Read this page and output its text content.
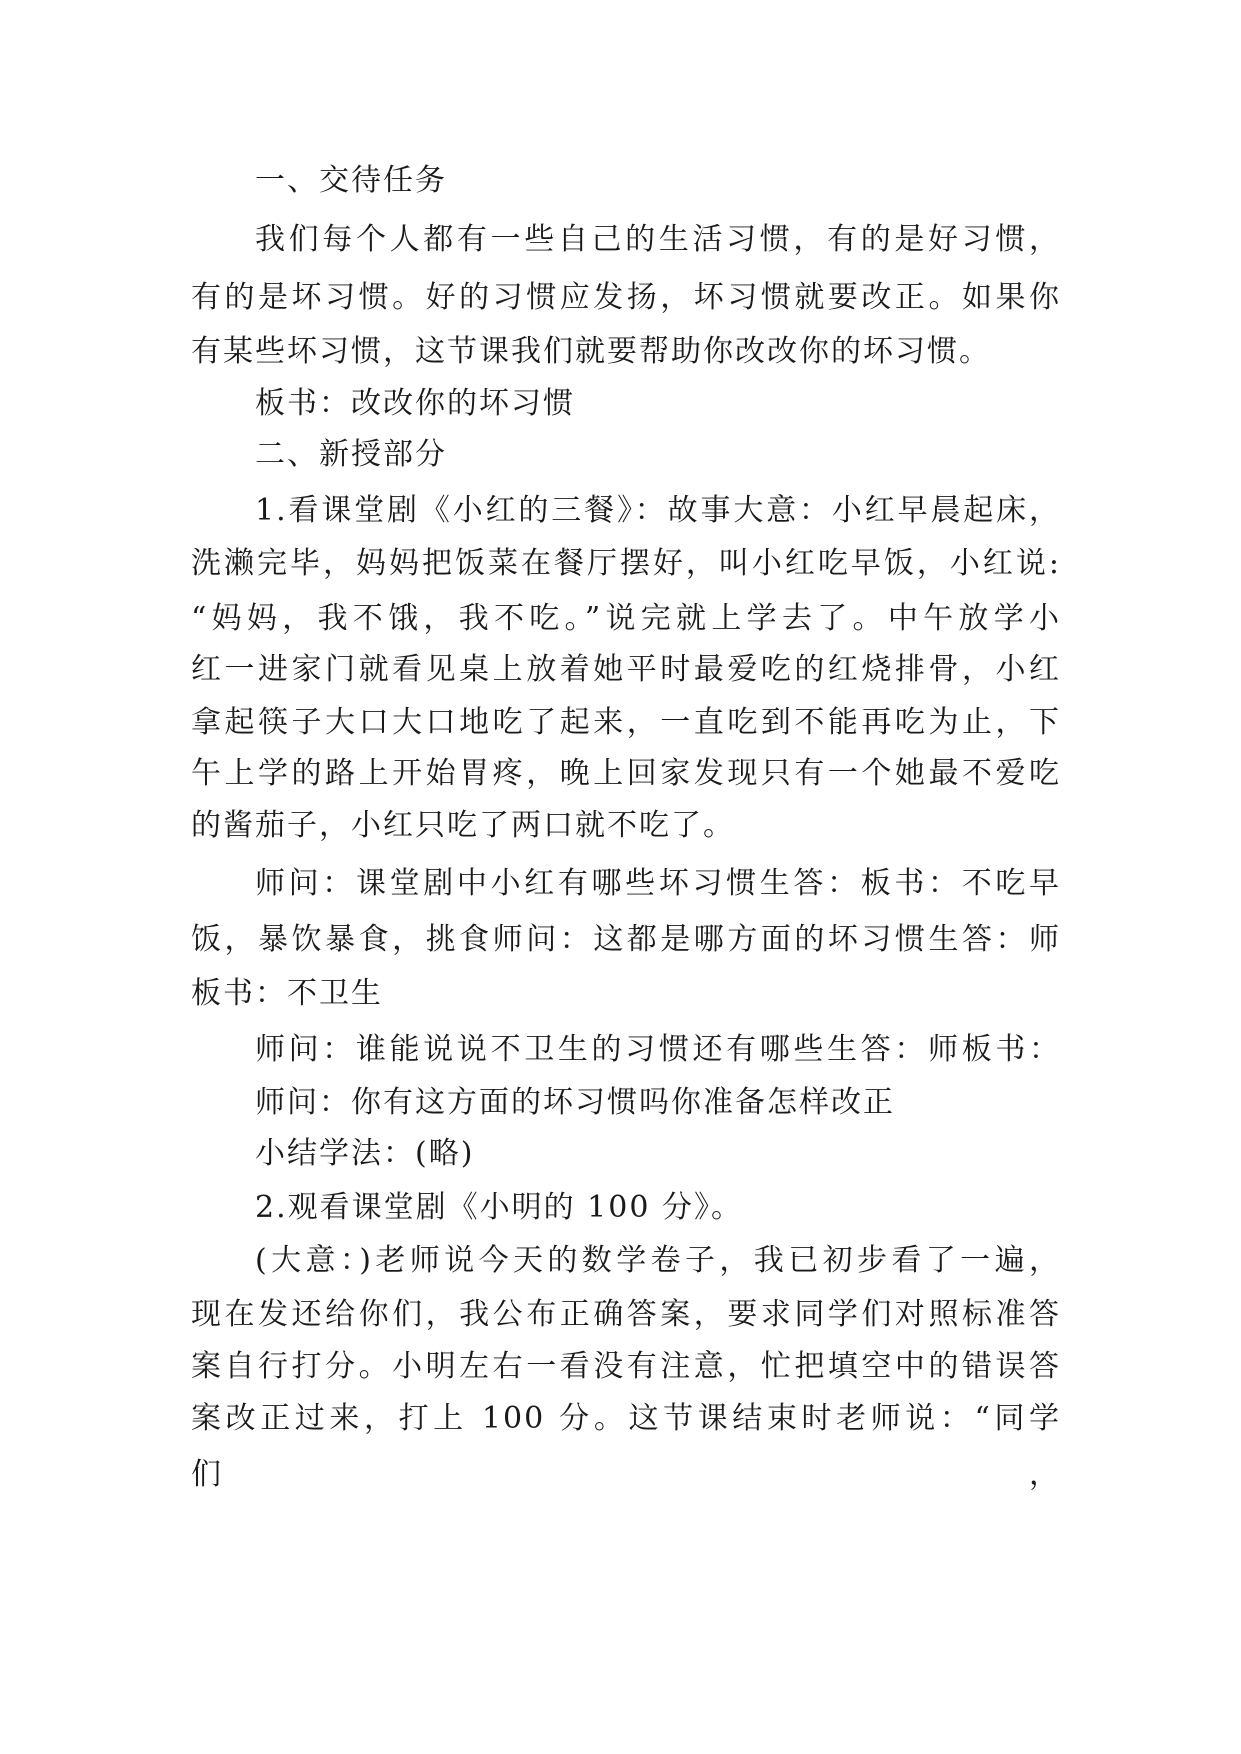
一、交待任务
我们每个人都有一些自己的生活习惯，有的是好习惯，
有的是坏习惯。好的习惯应发扬，坏习惯就要改正。如果你
有某些坏习惯，这节课我们就要帮助你改改你的坏习惯。
板书：改改你的坏习惯
二、新授部分
1.看课堂剧《小红的三餐》：故事大意：小红早晨起床，
洗濑完毕，妈妈把饭菜在餐厅摆好，叫小红吃早饭，小红说:
“妈妈，我不饿，我不吃。”说完就上学去了。中午放学小
红一进家门就看见桌上放着她平时最爱吃的红烧排骨，小红
拿起筷子大口大口地吃了起来，一直吃到不能再吃为止，下
午上学的路上开始胃疼，晚上回家发现只有一个她最不爱吃
的酱茄子，小红只吃了两口就不吃了。
师问：课堂剧中小红有哪些坏习惯生答：板书：不吃早
饭，暴饮暴食，挑食师问：这都是哪方面的坏习惯生答：师
板书：不卫生
师问：谁能说说不卫生的习惯还有哪些生答：师板书：
师问：你有这方面的坏习惯吗你准备怎样改正
小结学法：(略)
2.观看课堂剧《小明的 100 分》。
(大意：)老师说今天的数学卷子，我已初步看了一遍，
现在发还给你们，我公布正确答案，要求同学们对照标准答
案自行打分。小明左右一看没有注意，忙把填空中的错误答
案改正过来，打上 100 分。这节课结束时老师说：“同学们，
